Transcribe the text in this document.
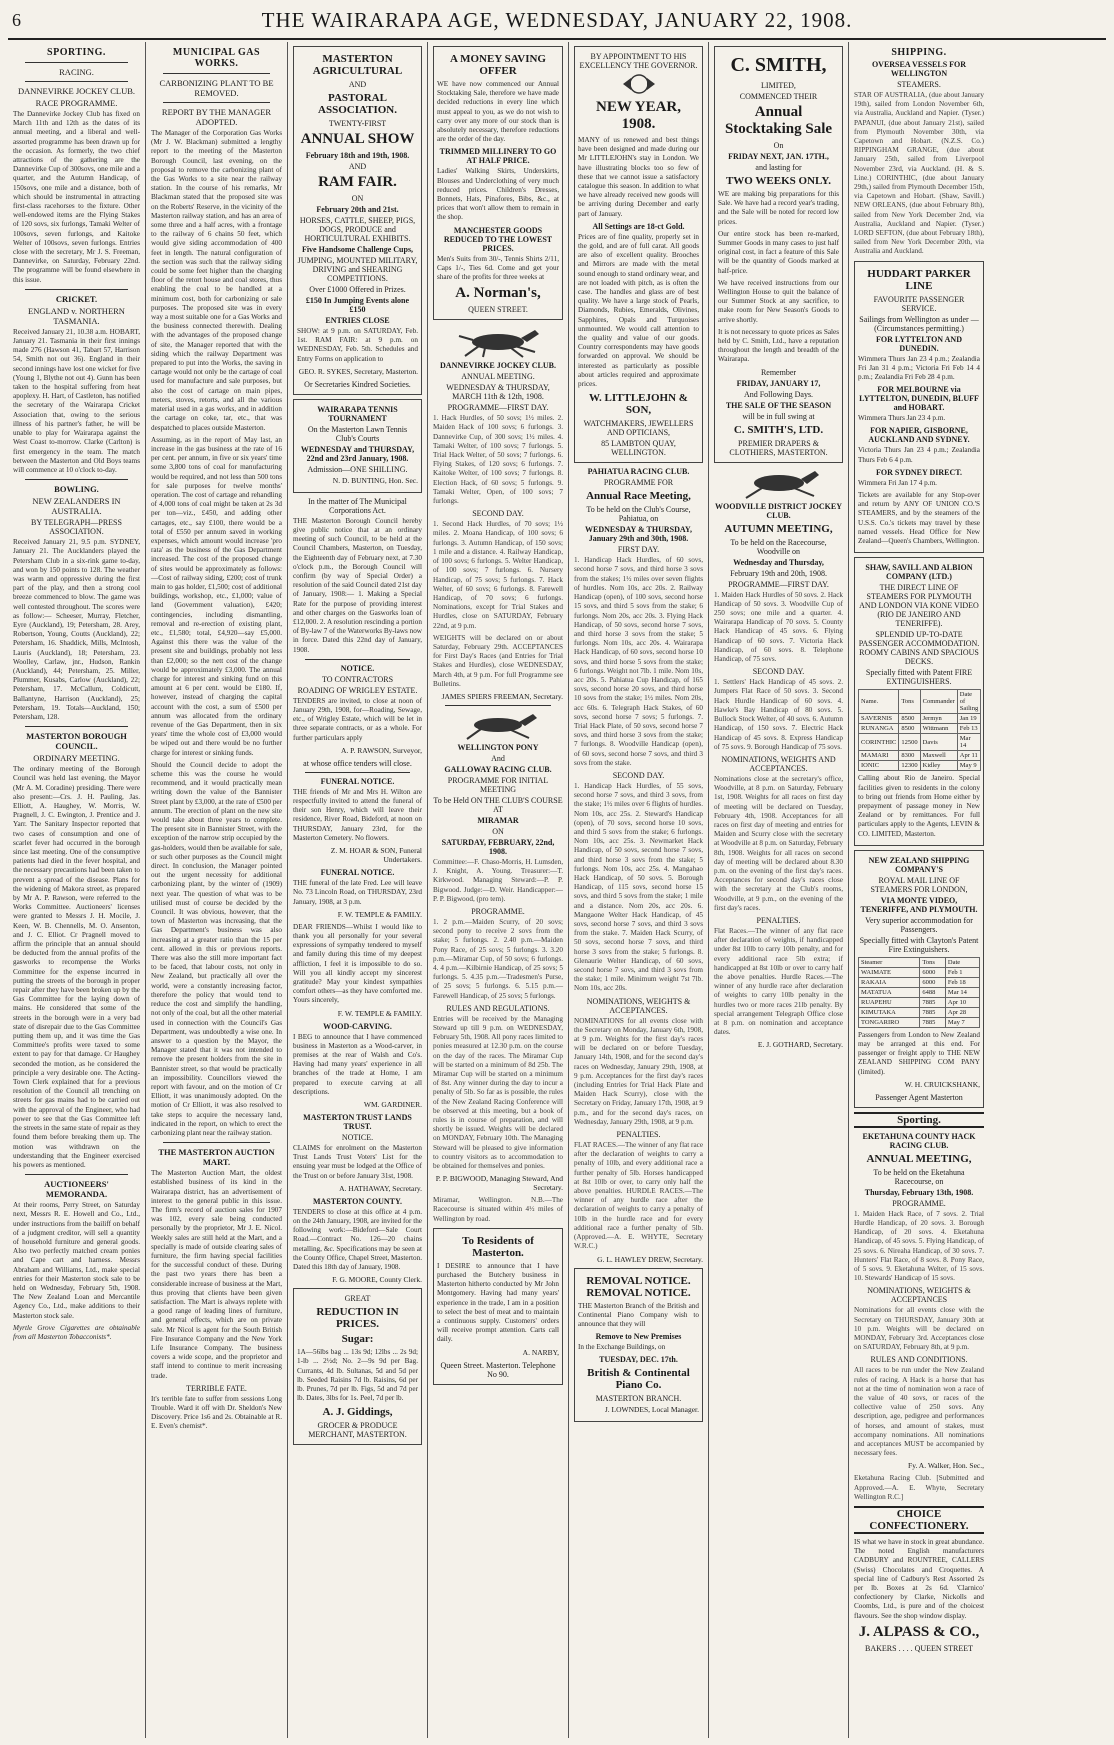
6	THE WAIRARAPA AGE, WEDNESDAY, JANUARY 22, 1908.
SPORTING.
RACING.
DANNEVIRKE JOCKEY CLUB.
RACE PROGRAMME.

The Dannevirke Jockey Club has fixed on March 11th and 12th as the dates of its annual meeting, and a liberal and well-assorted programme has been drawn up for the occasion. As formerly, the two chief attractions of the gathering are the Dannevirke Cup of 300sovs, one mile and a quarter, and the Autumn Handicap, of 150sovs, one mile and a distance, both of which should be instrumental in attracting first-class racehorses to the fixture. Other well-endowed items are the Flying Stakes of 120 sovs, six furlongs, Tamaki Welter of 100sovs, seven furlongs, and Kaitoke Welter of 100sovs, seven furlongs. Entries close with the secretary, Mr J. S. Freeman, Dannevirke, on Saturday, February 22nd. The programme will be found elsewhere in this issue.

CRICKET.
ENGLAND v. NORTHERN TASMANIA.

Received January 21, 10.38 a.m. HOBART, January 21. Tasmania in their first innings made 276 (Hawson 41, Tabart 57, Harrison 54, Smith not out 36). England in their second innings have lost one wicket for five (Young 1, Blythe not out 4). Gunn has been taken to the hospital suffering from heat apoplexy. H. Hart, of Castleton, has notified the secretary of the Wairarapa Cricket Association that, owing to the serious illness of his partner's father, he will be unable to play for Wairarapa against the West Coast to-morrow. Clarke (Carlton) is first emergency in the team. The match between the Masterton and Old Boys teams will commence at 10 o'clock to-day.

BOWLING.
NEW ZEALANDERS IN AUSTRALIA.
BY TELEGRAPH—PRESS ASSOCIATION.

Received January 21, 9.5 p.m. SYDNEY, January 21. The Aucklanders played the Petersham Club in a six-rink game to-day, and won by 150 points to 128. The weather was warm and oppressive during the first part of the play, and then a strong cool breeze commenced to blow. The game was well contested throughout. The scores were as follow:— Scheeser, Murray, Fletcher, Eyre (Auckland), 19; Petersham, 28. Arey, Robertson, Young, Coutts (Auckland), 22; Petersham, 16. Shaddick, Mills, McIntosh, Lauris (Auckland), 18; Petersham, 23. Woolley, Carlaw, jnr., Hudson, Rankin (Auckland), 44; Petersham, 25. Miller, Plummer, Kusabs, Carlow (Auckland), 22; Petersham, 17. McCallum, Coldicutt, Ballantyne, Harrison (Auckland), 25; Petersham, 19. Totals—Auckland, 150; Petersham, 128.

MASTERTON BOROUGH COUNCIL.
ORDINARY MEETING.

The ordinary meeting of the Borough Council was held last evening, the Mayor (Mr A. M. Coradine) presiding. There were also present:—Crs. J. H. Pauling, Jas. Elliott, A. Haughey, W. Morris, W. Pragnell, J. C. Ewington, J. Prentice and J. Yarr. The Sanitary Inspector reported that two cases of consumption and one of scarlet fever had occurred in the borough since last meeting. One of the consumptive patients had died in the fever hospital, and the necessary precautions had been taken to prevent a spread of the disease. Plans for the widening of Makora street, as prepared by Mr A. P. Rawson, were referred to the Works Committee. Auctioneers' licenses were granted to Messrs J. H. Mocile, J. Keen, W. B. Chennells, M. O. Ansenton, and J. C. Elliot. Cr Pragnell moved to affirm the principle that an annual should be deducted from the annual profits of the gasworks to recompense the Works Committee for the expense incurred in putting the streets of the borough in proper repair after they have been broken up by the Gas Committee for the laying down of mains. He considered that some of the streets in the borough were in a very bad state of disrepair due to the Gas Committee putting them up, and it was time the Gas Committee's profits were taxed to some extent to pay for that damage. Cr Haughey seconded the motion, as he considered the principle a very desirable one. The Acting-Town Clerk explained that for a previous resolution of the Council all trenching on streets for gas mains had to be carried out with the approval of the Engineer, who had power to see that the Gas Committee left the streets in the same state of repair as they found them before breaking them up. The motion was withdrawn on the understanding that the Engineer exercised his powers as mentioned.

AUCTIONEERS' MEMORANDA.

At their rooms, Perry Street, on Saturday next, Messrs R. E. Howell and Co., Ltd., under instructions from the bailiff on behalf of a judgment creditor, will sell a quantity of household furniture and general goods. Also two perfectly matched cream ponies and Cape cart and harness. Messrs Abraham and Williams, Ltd., make special entries for their Masterton stock sale to be held on Wednesday, February 5th, 1908. The New Zealand Loan and Mercantile Agency Co., Ltd., make additions to their Masterton stock sale.

Myrtle Grove Cigarettes are obtainable from all Masterton Tobacconists*.

MUNICIPAL GAS WORKS.
CARBONIZING PLANT TO BE REMOVED.
REPORT BY THE MANAGER ADOPTED.

The Manager of the Corporation Gas Works (Mr J. W. Blackman) submitted a lengthy report to the meeting of the Masterton Borough Council, last evening, on the proposal to remove the carbonizing plant of the Gas Works to a site near the railway station. In the course of his remarks, Mr Blackman stated that the proposed site was on the Roberts' Reserve, in the vicinity of the Masterton railway station, and has an area of some three and a half acres, with a frontage to the railway of 6 chains 50 feet, which would give siding accommodation of 400 feet in length. The natural configuration of the section was such that the railway siding could be some feet higher than the charging floor of the retort house and coal stores, thus enabling the coal to be handled at a minimum cost, both for carbonizing or sale purposes. The proposed site was in every way a most suitable one for a Gas Works and the business connected therewith. Dealing with the advantages of the proposed change of site, the Manager reported that with the siding which the railway Department was prepared to put into the Works, the saving in cartage would not only be the cartage of coal used for manufacture and sale purposes, but also the cost of cartage on main pipes, meters, stoves, retorts, and all the various material used in a gas works, and in addition the cartage on coke, tar, etc., that was despatched to places outside Masterton.

Assuming, as in the report of May last, an increase in the gas business at the rate of 16 per cent. per annum, in five or six years' time some 3,800 tons of coal for manufacturing would be required, and not less than 500 tons for sale purposes for twelve months' operation. The cost of cartage and rehandling of 4,000 tons of coal might be taken at 2s 3d per ton—viz., £450, and adding other cartages, etc., say £100, there would be a total of £550 per annum saved in working expenses, which amount would increase 'pro rata' as the business of the Gas Department increased. The cost of the proposed change of sites would be approximately as follows:—Cost of railway siding, £200; cost of trunk main to gas holder, £1,500; cost of additional buildings, workshop, etc., £1,000; value of land (Government valuation), £420; contingencies, including dismantling, removal and re-erection of existing plant, etc., £1,580; total, £4,920—say £5,000. Against this there was the value of the present site and buildings, probably not less than £2,000; so the nett cost of the change would be approximately £3,000. The annual charge for interest and sinking fund on this amount at 6 per cent. would be £180. If, however, instead of charging the capital account with the cost, a sum of £500 per annum was allocated from the ordinary revenue of the Gas Department, then in six years' time the whole cost of £3,000 would be wiped out and there would be no further charge for interest or sinking funds.

Should the Council decide to adopt the scheme this was the course he would recommend, and it would practically mean writing down the value of the Bannister Street plant by £3,000, at the rate of £500 per annum. The erection of plant on the new site would take about three years to complete. The present site in Bannister Street, with the exception of the narrow strip occupied by the gas-holders, would then be available for sale, or such other purposes as the Council might direct. In conclusion, the Manager pointed out the urgent necessity for additional carbonizing plant, by the winter of (1909) next year. The question of what was to be utilised must of course be decided by the Council. It was obvious, however, that the town of Masterton was increasing, that the Gas Department's business was also increasing at a greater ratio than the 15 per cent. allowed in this or previous reports. There was also the still more important fact to be faced, that labour costs, not only in New Zealand, but practically all over the world, were a constantly increasing factor, therefore the policy that would tend to reduce the cost and simplify the handling, not only of the coal, but all the other material used in connection with the Council's Gas Department, was undoubtedly a wise one. In answer to a question by the Mayor, the Manager stated that it was not intended to remove the present holders from the site in Bannister street, so that would be practically an impossibility. Councillors viewed the report with favour, and on the motion of Cr Elliott, it was unanimously adopted. On the motion of Cr Elliott, it was also resolved to take steps to acquire the necessary land, indicated in the report, on which to erect the carbonizing plant near the railway station.

THE MASTERTON AUCTION MART.

The Masterton Auction Mart, the oldest established business of its kind in the Wairarapa district, has an advertisement of interest to the general public in this issue. The firm's record of auction sales for 1907 was 102, every sale being conducted personally by the proprietor, Mr J. E. Nicol. Weekly sales are still held at the Mart, and a specially is made of outside clearing sales of furniture, the firm having special facilities for the successful conduct of these. During the past two years there has been a considerable increase of business at the Mart, thus proving that clients have been given satisfaction. The Mart is always replete with a good range of leading lines of furniture, and general effects, which are on private sale. Mr Nicol is agent for the South British Fire Insurance Company and the New York Life Insurance Company. The business covers a wide scope, and the proprietor and staff intend to continue to merit increasing trade.

TERRIBLE FATE.

It's terrible fate to suffer from sessions Long Trouble. Ward it off with Dr. Sheldon's New Discovery. Price 1s6 and 2s. Obtainable at R. E. Even's chemist*.

MASTERTON AGRICULTURAL
AND
PASTORAL ASSOCIATION.
TWENTY-FIRST
ANNUAL SHOW
February 18th and 19th, 1908.
AND
RAM FAIR.
ON
February 20th and 21st.
HORSES, CATTLE, SHEEP, PIGS, DOGS, PRODUCE and HORTICULTURAL EXHIBITS.
Five Handsome Challenge Cups,
JUMPING, MOUNTED MILITARY, DRIVING and SHEARING COMPETITIONS.
Over £1000 Offered in Prizes.
£150 In Jumping Events alone £150
ENTRIES CLOSE

SHOW: at 9 p.m. on SATURDAY, Feb. 1st. RAM FAIR: at 9 p.m. on WEDNESDAY, Feb. 5th. Schedules and Entry Forms on application to

GEO. R. SYKES, Secretary, Masterton.
Or Secretaries Kindred Societies.
WAIRARAPA TENNIS TOURNAMENT
On the Masterton Lawn Tennis Club's Courts
WEDNESDAY and THURSDAY, 22nd and 23rd January, 1908.
Admission—ONE SHILLING.
N. D. BUNTING, Hon. Sec.
In the matter of The Municipal Corporations Act.

THE Masterton Borough Council hereby give public notice that at an ordinary meeting of such Council, to be held at the Council Chambers, Masterton, on Tuesday, the Eighteenth day of February next, at 7.30 o'clock p.m., the Borough Council will confirm (by way of Special Order) a resolution of the said Council dated 21st day of January, 1908:— 1. Making a Special Rate for the purpose of providing interest and other charges on the Gasworks loan of £12,000. 2. A resolution rescinding a portion of By-law 7 of the Waterworks By-laws now in force. Dated this 22nd day of January, 1908.

NOTICE.
TO CONTRACTORS
ROADING OF WRIGLEY ESTATE.

TENDERS are invited, to close at noon of January 29th, 1908, for—Roading, Sewage, etc., of Wrigley Estate, which will be let in three separate contracts, or as a whole. For further particulars apply

A. P. RAWSON, Surveyor,
at whose office tenders will close.
FUNERAL NOTICE.

THE friends of Mr and Mrs H. Wilton are respectfully invited to attend the funeral of their son Henry, which will leave their residence, River Road, Bideford, at noon on THURSDAY, January 23rd, for the Masterton Cemetery. No flowers.

Z. M. HOAR & SON, Funeral Undertakers.
FUNERAL NOTICE.

THE funeral of the late Fred. Lee will leave No. 73 Lincoln Road, on THURSDAY, 23rd January, 1908, at 3 p.m.

F. W. TEMPLE & FAMILY.

DEAR FRIENDS—Whilst I would like to thank you all personally for your several expressions of sympathy tendered to myself and family during this time of my deepest affliction, I feel it is impossible to do so. Will you all kindly accept my sincerest gratitude? May your kindest sympathies comfort others—as they have comforted me. Yours sincerely,

F. W. TEMPLE & FAMILY.
WOOD-CARVING.

I BEG to announce that I have commenced business in Masterton as a Wood-carver, in premises at the rear of Walsh and Co's. Having had many years' experience in all branches of the trade at Home, I am prepared to execute carving at all descriptions.

WM. GARDINER.
MASTERTON TRUST LANDS TRUST.
NOTICE.

CLAIMS for enrolment on the Masterton Trust Lands Trust Voters' List for the ensuing year must be lodged at the Office of the Trust on or before January 31st, 1908.

A. HATHAWAY, Secretary.
MASTERTON COUNTY.

TENDERS to close at this office at 4 p.m. on the 24th January, 1908, are invited for the following work:—Bideford—Sale Court Road.—Contract No. 126—20 chains metalling, &c. Specifications may be seen at the County Office, Chapel Street, Masterton. Dated this 18th day of January, 1908.

F. G. MOORE, County Clerk.
GREAT
REDUCTION IN PRICES.
Sugar:

1A—56lbs bag ... 13s 9d; 12lbs ... 2s 9d; 1-lb ... 2½d; No. 2—9s 9d per Bag. Currants, 4d lb. Sultanas, 5d and 5d per lb. Seeded Raisins 7d lb. Raisins, 6d per lb. Prunes, 7d per lb. Figs, 5d and 7d per lb. Dates, 3lbs for 1s. Peel, 7d per lb.

A. J. Giddings,
GROCER & PRODUCE MERCHANT, MASTERTON.
A MONEY SAVING OFFER

WE have now commenced our Annual Stocktaking Sale, therefore we have made decided reductions in every line which must appeal to you, as we do not wish to carry over any more of our stock than is absolutely necessary, therefore reductions are the order of the day.

TRIMMED MILLINERY TO GO AT HALF PRICE.

Ladies' Walking Skirts, Underskirts, Blouses and Underclothing of very much reduced prices. Children's Dresses, Bonnets, Hats, Pinafores, Bibs, &c., at prices that won't allow them to remain in the shop.

MANCHESTER GOODS REDUCED TO THE LOWEST PRICES.

Men's Suits from 30/-, Tennis Shirts 2/11, Caps 1/-, Ties 6d. Come and get your share of the profits for three weeks at

A. Norman's,
QUEEN STREET.
DANNEVIRKE JOCKEY CLUB.
ANNUAL MEETING.
WEDNESDAY & THURSDAY, MARCH 11th & 12th, 1908.
PROGRAMME—FIRST DAY.

1. Hack Hurdles, of 50 sovs; 1½ miles. 2. Maiden Hack of 100 sovs; 6 furlongs. 3. Dannevirke Cup, of 300 sovs; 1½ miles. 4. Tamaki Welter, of 100 sovs; 7 furlongs. 5. Trial Hack Welter, of 50 sovs; 7 furlongs. 6. Flying Stakes, of 120 sovs; 6 furlongs. 7. Kaitoke Welter, of 100 sovs; 7 furlongs. 8. Election Hack, of 60 sovs; 5 furlongs. 9. Tamaki Welter, Open, of 100 sovs; 7 furlongs.

SECOND DAY.

1. Second Hack Hurdles, of 70 sovs; 1½ miles. 2. Moana Handicap, of 100 sovs; 6 furlongs. 3. Autumn Handicap, of 150 sovs; 1 mile and a distance. 4. Railway Handicap, of 100 sovs; 6 furlongs. 5. Welter Handicap, of 100 sovs; 7 furlongs. 6. Nursery Handicap, of 75 sovs; 5 furlongs. 7. Hack Welter, of 60 sovs; 6 furlongs. 8. Farewell Handicap, of 70 sovs; 6 furlongs. Nominations, except for Trial Stakes and Hurdles, close on SATURDAY, February 22nd, at 9 p.m.

WEIGHTS will be declared on or about Saturday, February 29th. ACCEPTANCES for First Day's Races (and Entries for Trial Stakes and Hurdles), close WEDNESDAY, March 4th, at 9 p.m. For full Programme see Bulletins.

JAMES SPIERS FREEMAN, Secretary.
WELLINGTON PONY
And
GALLOWAY RACING CLUB.
PROGRAMME FOR INITIAL MEETING
To be Held ON THE CLUB'S COURSE AT
MIRAMAR
ON
SATURDAY, FEBRUARY, 22nd, 1908.

Committee:—F. Chaso-Morris, H. Lumsden, J. Knight, A. Young. Treasurer:—T. Kirkwood. Managing Steward:—P. P. Bigwood. Judge:—D. Weir. Handicapper:—P. P. Bigwood, (pro tem).

PROGRAMME.

1. 2 p.m.—Maiden Scurry, of 20 sovs; second pony to receive 2 sovs from the stake; 5 furlongs. 2. 2.40 p.m.—Maiden Pony Race, of 25 sovs; 5 furlongs. 3. 3.20 p.m.—Miramar Cup, of 50 sovs; 6 furlongs. 4. 4 p.m.—Kilbirnie Handicap, of 25 sovs; 5 furlongs. 5. 4.35 p.m.—Tradesmen's Purse, of 25 sovs; 5 furlongs. 6. 5.15 p.m.—Farewell Handicap, of 25 sovs; 5 furlongs.

RULES AND REGULATIONS.

Entries will be received by the Managing Steward up till 9 p.m. on WEDNESDAY, February 5th, 1908. All pony races limited to ponies measured at 12.30 p.m. on the course on the day of the races. The Miramar Cup will be started on a minimum of 8d 25b. The Miramar Cup will be started on a minimum of 8st. Any winner during the day to incur a penalty of 5lb. So far as is possible, the rules of the New Zealand Racing Conference will be observed at this meeting, but a book of rules is in course of preparation, and will shortly be issued. Weights will be declared on MONDAY, February 10th. The Managing Steward will be pleased to give information to country visitors as to accommodation to be obtained for themselves and ponies.

P. P. BIGWOOD, Managing Steward, And Secretary.

Miramar, Wellington. N.B.—The Racecourse is situated within 4½ miles of Wellington by road.

To Residents of Masterton.

I DESIRE to announce that I have purchased the Butchery business in Masterton hitherto conducted by Mr John Montgomery. Having had many years' experience in the trade, I am in a position to select the best of meat and to maintain a continuous supply. Customers' orders will receive prompt attention. Carts call daily.

A. NARBY,
Queen Street. Masterton. Telephone No 90.
BY APPOINTMENT TO HIS EXCELLENCY THE GOVERNOR.
NEW YEAR, 1908.

MANY of us renewed and best things have been designed and made during our Mr LITTLEJOHN's stay in London. We have illustrating blocks too so few of these that we cannot issue a satisfactory catalogue this season. In addition to what we have already received new goods will be arriving during December and early part of January.

All Settings are 18-ct Gold.

Prices are of fine quality, properly set in the gold, and are of full carat. All goods are also of excellent quality. Brooches and Mirrors are made with the metal sound enough to stand ordinary wear, and are not loaded with pitch, as is often the case. The handles and glass are of best quality. We have a large stock of Pearls, Diamonds, Rubies, Emeralds, Olivines, Sapphires, Opals and Turquoises unmounted. We would call attention to the quality and value of our goods. Country correspondents may have goods forwarded on approval. We should be interested as particularly as possible about articles required and approximate prices.

W. LITTLEJOHN & SON,
WATCHMAKERS, JEWELLERS AND OPTICIANS,
85 LAMBTON QUAY, WELLINGTON.
PAHIATUA RACING CLUB.
PROGRAMME FOR
Annual Race Meeting,
To be held on the Club's Course, Pahiatua, on
WEDNESDAY & THURSDAY, January 29th and 30th, 1908.
FIRST DAY.

1. Handicap Hack Hurdles, of 60 sovs, second horse 7 sovs, and third horse 3 sovs from the stakes; 1½ miles over seven flights of hurdles. Nom 10s, acc 20s. 2. Railway Handicap (open), of 100 sovs, second horse 15 sovs, and third 5 sovs from the stake; 6 furlongs. Nom 20s, acc 20s. 3. Flying Hack Handicap, of 50 sovs, second horse 7 sovs, and third horse 3 sovs from the stake; 5 furlongs. Nom 10s, acc 20s. 4. Wairarapa Hack Handicap, of 60 sovs, second horse 10 sovs, and third horse 5 sovs from the stake; 6 furlongs. Weight not 7lb. 1 mile. Nom 10s, acc 20s. 5. Pahiatua Cup Handicap, of 165 sovs, second horse 20 sovs, and third horse 10 sovs from the stake; 1½ miles. Nom 20s, acc 60s. 6. Telegraph Hack Stakes, of 60 sovs, second horse 7 sovs; 5 furlongs. 7. Trial Hack Plate, of 50 sovs, second horse 7 sovs, and third horse 3 sovs from the stake; 7 furlongs. 8. Woodville Handicap (open), of 60 sovs, second horse 7 sovs, and third 3 sovs from the stake.

SECOND DAY.

1. Handicap Hack Hurdles, of 55 sovs, second horse 7 sovs, and third 3 sovs, from the stake; 1½ miles over 6 flights of hurdles. Nom 10s, acc 25s. 2. Steward's Handicap (open), of 70 sovs, second horse 10 sovs, and third 5 sovs from the stake; 6 furlongs. Nom 10s, acc 25s. 3. Newmarket Hack Handicap, of 50 sovs, second horse 7 sovs, and third horse 3 sovs from the stake; 5 furlongs. Nom 10s, acc 25s. 4. Mangahao Hack Handicap, of 50 sovs. 5. Borough Handicap, of 115 sovs, second horse 15 sovs, and third 5 sovs from the stake; 1 mile and a distance. Nom 20s, acc 20s. 6. Mangaone Welter Hack Handicap, of 45 sovs, second horse 7 sovs, and third 3 sovs from the stake. 7. Maiden Hack Scurry, of 50 sovs, second horse 7 sovs, and third horse 3 sovs from the stake; 5 furlongs. 8. Glenaurie Welter Handicap, of 60 sovs, second horse 7 sovs, and third 3 sovs from the stake; 1 mile. Minimum weight 7st 7lb. Nom 10s, acc 20s.

NOMINATIONS, WEIGHTS & ACCEPTANCES.

NOMINATIONS for all events close with the Secretary on Monday, January 6th, 1908, at 9 p.m. Weights for the first day's races will be declared on or before Tuesday, January 14th, 1908, and for the second day's races on Wednesday, January 29th, 1908, at 9 p.m. Acceptances for the first day's races (including Entries for Trial Hack Plate and Maiden Hack Scurry), close with the Secretary on Friday, January 17th, 1908, at 9 p.m., and for the second day's races, on Wednesday, January 29th, 1908, at 9 p.m.

PENALTIES.

FLAT RACES.—The winner of any flat race after the declaration of weights to carry a penalty of 10lb, and every additional race a further penalty of 5lb. Horses handicapped at 8st 10lb or over, to carry only half the above penalties. HURDLE RACES.—The winner of any hurdle race after the declaration of weights to carry a penalty of 10lb in the hurdle race and for every additional race a further penalty of 5lb. (Approved.—A. E. WHYTE, Secretary W.R.C.)

G. L. HAWLEY DREW, Secretary.
REMOVAL NOTICE. REMOVAL NOTICE.

THE Masterton Branch of the British and Continental Piano Company wish to announce that they will

Remove to New Premises

In the Exchange Buildings, on

TUESDAY, DEC. 17th.
British & Continental Piano Co.
MASTERTON BRANCH.
J. LOWNDES, Local Manager.
C. SMITH,
LIMITED,
COMMENCED THEIR
Annual Stocktaking Sale
On
FRIDAY NEXT, JAN. 17TH.,
and lasting for
TWO WEEKS ONLY.

WE are making big preparations for this Sale. We have had a record year's trading, and the Sale will be noted for record low prices.

Our entire stock has been re-marked, Summer Goods in many cases to just half original cost, in fact a feature of this Sale will be the quantity of Goods marked at half-price.

We have received instructions from our Wellington House to quit the balance of our Summer Stock at any sacrifice, to make room for New Season's Goods to arrive shortly.

It is not necessary to quote prices as Sales held by C. Smith, Ltd., have a reputation throughout the length and breadth of the Wairarapa.

Remember
FRIDAY, JANUARY 17,
And Following Days.
THE SALE OF THE SEASON
will be in full swing at
C. SMITH'S, LTD.
PREMIER DRAPERS & CLOTHIERS, MASTERTON.
WOODVILLE DISTRICT JOCKEY CLUB.
AUTUMN MEETING,
To be held on the Racecourse, Woodville on
Wednesday and Thursday,
February 19th and 20th, 1908.
PROGRAMME—FIRST DAY.

1. Maiden Hack Hurdles of 50 sovs. 2. Hack Handicap of 50 sovs. 3. Woodville Cup of 250 sovs; one mile and a quarter. 4. Wairarapa Handicap of 70 sovs. 5. County Hack Handicap of 45 sovs. 6. Flying Handicap of 60 sovs. 7. Victoria Hack Handicap, of 60 sovs. 8. Telephone Handicap, of 75 sovs.

SECOND DAY.

1. Settlers' Hack Handicap of 45 sovs. 2. Jumpers Flat Race of 50 sovs. 3. Second Hack Hurdle Handicap of 60 sovs. 4. Hawke's Bay Handicap of 80 sovs. 5. Bullock Stock Welter, of 40 sovs. 6. Autumn Handicap, of 150 sovs. 7. Electric Hack Handicap of 45 sovs. 8. Express Handicap of 75 sovs. 9. Borough Handicap of 75 sovs.

NOMINATIONS, WEIGHTS AND ACCEPTANCES.

Nominations close at the secretary's office, Woodville, at 8 p.m. on Saturday, February 1st, 1908. Weights for all races on first day of meeting will be declared on Tuesday, February 4th, 1908. Acceptances for all races on first day of meeting and entries for Maiden and Scurry close with the secretary at Woodville at 8 p.m. on Saturday, February 8th, 1908. Weights for all races on second day of meeting will be declared about 8.30 p.m. on the evening of the first day's races. Acceptances for second day's races close with the secretary at the Club's rooms, Woodville, at 9 p.m., on the evening of the first day's races.

PENALTIES.

Flat Races.—The winner of any flat race after declaration of weights, if handicapped under 8st 10lb to carry 10lb penalty, and for every additional race 5lb extra; if handicapped at 8st 10lb or over to carry half the above penalties. Hurdle Races.—The winner of any hurdle race after declaration of weights to carry 10lb penalty in the hurdles two or more races 21lb penalty. By special arrangement Telegraph Office close at 8 p.m. on nomination and acceptance dates.

E. J. GOTHARD, Secretary.
SHIPPING.
OVERSEA VESSELS FOR WELLINGTON
STEAMERS.

STAR OF AUSTRALIA, (due about January 19th), sailed from London November 6th, via Australia, Auckland and Napier. (Tyser.) PAPANUI, (due about January 21st), sailed from Plymouth November 30th, via Capetown and Hobart. (N.Z.S. Co.) RIPPINGHAM GRANGE, (due about January 25th, sailed from Liverpool November 23rd, via Auckland. (H. & S. Line.) CORINTHIC, (due about January 29th,) sailed from Plymouth December 15th, via Capetown and Hobart. (Shaw, Savill.) NEW ORLEANS, (due about February 8th), sailed from New York December 2nd, via Australia, Auckland and Napier. (Tyser.) LORD SEFTON, (due about February 18th), sailed from New York December 20th, via Australia and Auckland.

HUDDART PARKER LINE
FAVOURITE PASSENGER SERVICE.
Sailings from Wellington as under — (Circumstances permitting.)
FOR LYTTELTON AND DUNEDIN.

Wimmera Thurs Jan 23 4 p.m.; Zealandia Fri Jan 31 4 p.m.; Victoria Fri Feb 14 4 p.m.; Zealandia Fri Feb 28 4 p.m.

FOR MELBOURNE via LYTTELTON, DUNEDIN, BLUFF and HOBART.

Wimmera Thurs Jan 23 4 p.m.

FOR NAPIER, GISBORNE, AUCKLAND AND SYDNEY.

Victoria Thurs Jan 23 4 p.m.; Zealandia Thurs Feb 6 4 p.m.

FOR SYDNEY DIRECT.

Wimmera Fri Jan 17 4 p.m.

Tickets are available for any Stop-over and return by ANY OF UNION CO.'S STEAMERS, and by the steamers of the U.S.S. Co.'s tickets may travel by these named vessels. Head Office for New Zealand—Queen's Chambers, Wellington.

SHAW, SAVILL AND ALBION COMPANY (LTD.)
THE DIRECT LINE OF STEAMERS FOR PLYMOUTH AND LONDON VIA KONE VIDEO (RIO DE JANEIRO AND TENERIFFE).
SPLENDID UP-TO-DATE PASSENGER ACCOMMODATION. ROOMY CABINS AND SPACIOUS DECKS.
Specially fitted with Patent FIRE EXTINGUISHERS.
Name.	Tons	Commander	Date of Sailing
SAVERNIS	8500	Jermyn	Jan 19
RUNANGA	8500	Wittmann	Feb 13
CORINTHIC	12500	Davis	Mar 14
MAMARI	8300	Maxwell	Apr 11
IONIC	12300	Kidley	May 9

Calling about Rio de Janeiro. Special facilities given to residents in the colony to bring out friends from Home either by prepayment of passage money in New Zealand or by remittances. For full particulars apply to the Agents, LEVIN & CO. LIMITED, Masterton.

NEW ZEALAND SHIPPING COMPANY'S
ROYAL MAIL LINE OF STEAMERS FOR LONDON,
VIA MONTE VIDEO, TENERIFFE, AND PLYMOUTH.
Very superior accommodation for Passengers.
Specially fitted with Clayton's Patent Fire Extinguishers.
Steamer	Tons	Date
WAIMATE	6000	Feb 1
RAKAIA	6000	Feb 18
MATATUA	6488	Mar 14
RUAPEHU	7885	Apr 10
KIMUTAKA	7885	Apr 28
TONGARIRO	7885	May 7

Passengers from London to New Zealand may be arranged at this end. For passenger or freight apply to THE NEW ZEALAND SHIPPING COM PANY (limited).

W. H. CRUICKSHANK,
Passenger Agent Masterton
Sporting.
EKETAHUNA COUNTY HACK RACING CLUB.
ANNUAL MEETING,
To be held on the Eketahuna Racecourse, on
Thursday, February 13th, 1908.
PROGRAMME.

1. Maiden Hack Race, of 7 sovs. 2. Trial Hurdle Handicap, of 20 sovs. 3. Borough Handicap, of 20 sovs. 4. Eketahuna Handicap, of 45 sovs. 5. Flying Handicap, of 25 sovs. 6. Nireaha Handicap, of 30 sovs. 7. Hunters' Flat Race, of 8 sovs. 8. Pony Race, of 5 sovs. 9. Eketahuna Welter, of 15 sovs. 10. Stewards' Handicap of 15 sovs.

NOMINATIONS, WEIGHTS & ACCEPTANCES

Nominations for all events close with the Secretary on THURSDAY, January 30th at 10 p.m. Weights will be declared on MONDAY, February 3rd. Acceptances close on SATURDAY, February 8th, at 9 p.m.

RULES AND CONDITIONS.

All races to be run under the New Zealand rules of racing. A Hack is a horse that has not at the time of nomination won a race of the value of 40 sovs, or races of the collective value of 250 sovs. Any description, age, pedigree and performances of horses, and amount of stakes, must accompany nominations. All nominations and acceptances MUST be accompanied by necessary fees.

Fy. A. Walker, Hon. Sec.,

Eketahuna Racing Club. [Submitted and Approved.—A. E. Whyte, Secretary Wellington R.C.]

CHOICE CONFECTIONERY.

IS what we have in stock in great abundance. The noted English manufacturers CADBURY and ROUNTREE, CALLERS (Swiss) Chocolates and Croquettes. A special line of Cadbury's Rest Assorted 2s per lb. Boxes at 2s 6d. 'Clarnico' confectionery by Clarke, Nickolls and Coombs, Ltd., is pure and of the choicest flavours. See the shop window display.

J. ALPASS & CO.,
BAKERS . . . . QUEEN STREET
